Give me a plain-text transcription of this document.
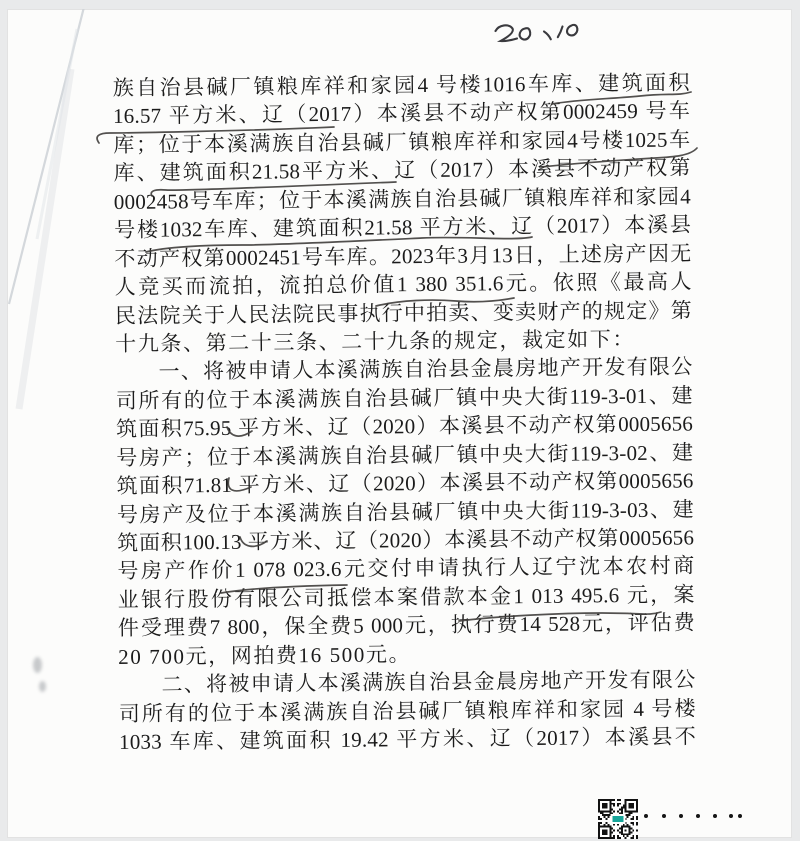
族自治县碱厂镇粮库祥和家园4 号楼1016车库、建筑面积
16.57 平方米、辽（2017）本溪县不动产权第0002459 号车
库；位于本溪满族自治县碱厂镇粮库祥和家园4号楼1025车
库、建筑面积21.58平方米、辽（2017）本溪县不动产权第
0002458号车库；位于本溪满族自治县碱厂镇粮库祥和家园4
号楼1032车库、建筑面积21.58 平方米、辽（2017）本溪县
不动产权第0002451号车库。2023年3月13日，上述房产因无
人竞买而流拍，流拍总价值1 380 351.6元。依照《最高人
民法院关于人民法院民事执行中拍卖、变卖财产的规定》第
十九条、第二十三条、二十九条的规定，裁定如下：
一、将被申请人本溪满族自治县金晨房地产开发有限公
司所有的位于本溪满族自治县碱厂镇中央大街119-3-01、建
筑面积75.95 平方米、辽（2020）本溪县不动产权第0005656
号房产；位于本溪满族自治县碱厂镇中央大街119-3-02、建
筑面积71.81 平方米、辽（2020）本溪县不动产权第0005656
号房产及位于本溪满族自治县碱厂镇中央大街119-3-03、建
筑面积100.13 平方米、辽（2020）本溪县不动产权第0005656
号房产作价1 078 023.6元交付申请执行人辽宁沈本农村商
业银行股份有限公司抵偿本案借款本金1 013 495.6 元，案
件受理费7 800，保全费5 000元，执行费14 528元，评估费
20 700元，网拍费16 500元。
二、将被申请人本溪满族自治县金晨房地产开发有限公
司所有的位于本溪满族自治县碱厂镇粮库祥和家园 4 号楼
1033 车库、建筑面积 19.42 平方米、辽（2017）本溪县不
